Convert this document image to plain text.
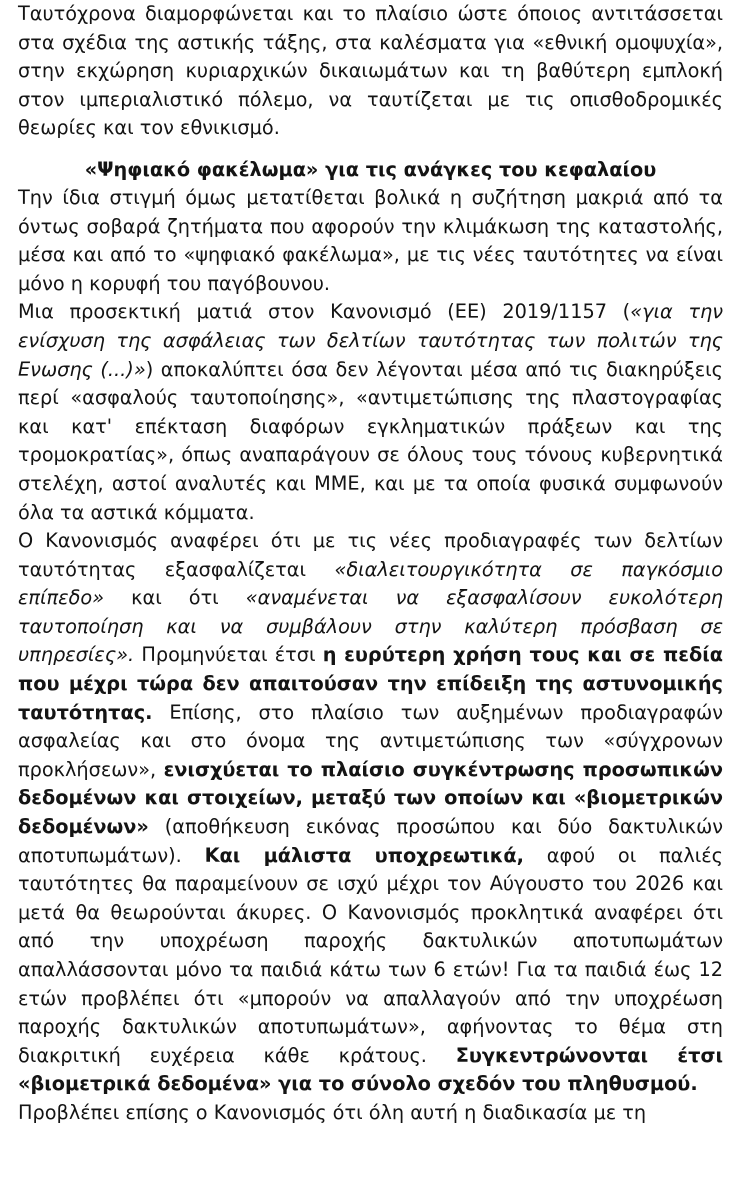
Ταυτόχρονα διαμορφώνεται και το πλαίσιο ώστε όποιος αντιτάσσεται στα σχέδια της αστικής τάξης, στα καλέσματα για «εθνική ομοψυχία», στην εκχώρηση κυριαρχικών δικαιωμάτων και τη βαθύτερη εμπλοκή στον ιμπεριαλιστικό πόλεμο, να ταυτίζεται με τις οπισθοδρομικές θεωρίες και τον εθνικισμό.

«Ψηφιακό φακέλωμα» για τις ανάγκες του κεφαλαίου

Την ίδια στιγμή όμως μετατίθεται βολικά η συζήτηση μακριά από τα όντως σοβαρά ζητήματα που αφορούν την κλιμάκωση της καταστολής, μέσα και από το «ψηφιακό φακέλωμα», με τις νέες ταυτότητες να είναι μόνο η κορυφή του παγόβουνου.

Μια προσεκτική ματιά στον Κανονισμό (ΕΕ) 2019/1157 («για την ενίσχυση της ασφάλειας των δελτίων ταυτότητας των πολιτών της Ενωσης (...)») αποκαλύπτει όσα δεν λέγονται μέσα από τις διακηρύξεις περί «ασφαλούς ταυτοποίησης», «αντιμετώπισης της πλαστογραφίας και κατ' επέκταση διαφόρων εγκληματικών πράξεων και της τρομοκρατίας», όπως αναπαράγουν σε όλους τους τόνους κυβερνητικά στελέχη, αστοί αναλυτές και ΜΜΕ, και με τα οποία φυσικά συμφωνούν όλα τα αστικά κόμματα.

Ο Κανονισμός αναφέρει ότι με τις νέες προδιαγραφές των δελτίων ταυτότητας εξασφαλίζεται «διαλειτουργικότητα σε παγκόσμιο επίπεδο» και ότι «αναμένεται να εξασφαλίσουν ευκολότερη ταυτοποίηση και να συμβάλουν στην καλύτερη πρόσβαση σε υπηρεσίες». Προμηνύεται έτσι η ευρύτερη χρήση τους και σε πεδία που μέχρι τώρα δεν απαιτούσαν την επίδειξη της αστυνομικής ταυτότητας. Επίσης, στο πλαίσιο των αυξημένων προδιαγραφών ασφαλείας και στο όνομα της αντιμετώπισης των «σύγχρονων προκλήσεων», ενισχύεται το πλαίσιο συγκέντρωσης προσωπικών δεδομένων και στοιχείων, μεταξύ των οποίων και «βιομετρικών δεδομένων» (αποθήκευση εικόνας προσώπου και δύο δακτυλικών αποτυπωμάτων). Και μάλιστα υποχρεωτικά, αφού οι παλιές ταυτότητες θα παραμείνουν σε ισχύ μέχρι τον Αύγουστο του 2026 και μετά θα θεωρούνται άκυρες. Ο Κανονισμός προκλητικά αναφέρει ότι από την υποχρέωση παροχής δακτυλικών αποτυπωμάτων απαλλάσσονται μόνο τα παιδιά κάτω των 6 ετών! Για τα παιδιά έως 12 ετών προβλέπει ότι «μπορούν να απαλλαγούν από την υποχρέωση παροχής δακτυλικών αποτυπωμάτων», αφήνοντας το θέμα στη διακριτική ευχέρεια κάθε κράτους. Συγκεντρώνονται έτσι «βιομετρικά δεδομένα» για το σύνολο σχεδόν του πληθυσμού.

Προβλέπει επίσης ο Κανονισμός ότι όλη αυτή η διαδικασία με τη
